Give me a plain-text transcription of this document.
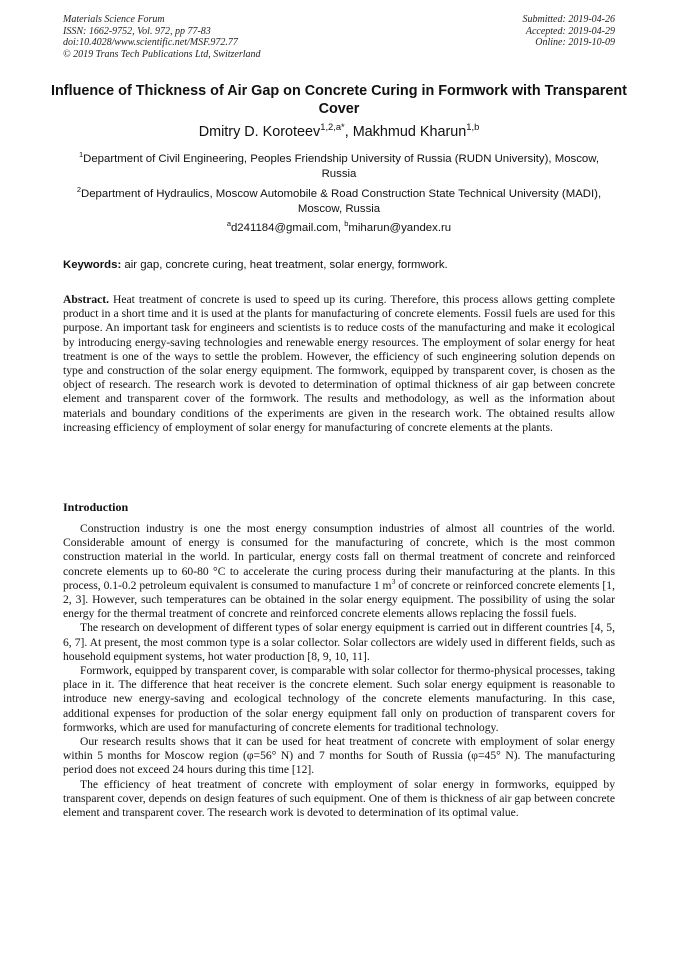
Materials Science Forum
ISSN: 1662-9752, Vol. 972, pp 77-83
doi:10.4028/www.scientific.net/MSF.972.77
© 2019 Trans Tech Publications Ltd, Switzerland
Submitted: 2019-04-26
Accepted: 2019-04-29
Online: 2019-10-09
Influence of Thickness of Air Gap on Concrete Curing in Formwork with Transparent Cover
Dmitry D. Koroteev$^{1,2,a*}$, Makhmud Kharun$^{1,b}$
$^1$Department of Civil Engineering, Peoples Friendship University of Russia (RUDN University), Moscow, Russia
$^2$Department of Hydraulics, Moscow Automobile & Road Construction State Technical University (MADI), Moscow, Russia
$^a$d241184@gmail.com, $^b$miharun@yandex.ru
Keywords: air gap, concrete curing, heat treatment, solar energy, formwork.
Abstract. Heat treatment of concrete is used to speed up its curing. Therefore, this process allows getting complete product in a short time and it is used at the plants for manufacturing of concrete elements. Fossil fuels are used for this purpose. An important task for engineers and scientists is to reduce costs of the manufacturing and make it ecological by introducing energy-saving technologies and renewable energy resources. The employment of solar energy for heat treatment is one of the ways to settle the problem. However, the efficiency of such engineering solution depends on type and construction of the solar energy equipment. The formwork, equipped by transparent cover, is chosen as the object of research. The research work is devoted to determination of optimal thickness of air gap between concrete element and transparent cover of the formwork. The results and methodology, as well as the information about materials and boundary conditions of the experiments are given in the research work. The obtained results allow increasing efficiency of employment of solar energy for manufacturing of concrete elements at the plants.
Introduction

Construction industry is one the most energy consumption industries of almost all countries of the world. Considerable amount of energy is consumed for the manufacturing of concrete, which is the most common construction material in the world. In particular, energy costs fall on thermal treatment of concrete and reinforced concrete elements up to 60-80 °C to accelerate the curing process during their manufacturing at the plants. In this process, 0.1-0.2 petroleum equivalent is consumed to manufacture 1 $m^3$ of concrete or reinforced concrete elements [1, 2, 3]. However, such temperatures can be obtained in the solar energy equipment. The possibility of using the solar energy for the thermal treatment of concrete and reinforced concrete elements allows replacing the fossil fuels.

The research on development of different types of solar energy equipment is carried out in different countries [4, 5, 6, 7]. At present, the most common type is a solar collector. Solar collectors are widely used in different fields, such as household equipment systems, hot water production [8, 9, 10, 11].

Formwork, equipped by transparent cover, is comparable with solar collector for thermo-physical processes, taking place in it. The difference that heat receiver is the concrete element. Such solar energy equipment is reasonable to introduce new energy-saving and ecological technology of the concrete elements manufacturing. In this case, additional expenses for production of the solar energy equipment fall only on production of transparent covers for formworks, which are used for manufacturing of concrete elements for traditional technology.

Our research results shows that it can be used for heat treatment of concrete with employment of solar energy within 5 months for Moscow region (φ=56° N) and 7 months for South of Russia (φ=45° N). The manufacturing period does not exceed 24 hours during this time [12].

The efficiency of heat treatment of concrete with employment of solar energy in formworks, equipped by transparent cover, depends on design features of such equipment. One of them is thickness of air gap between concrete element and transparent cover. The research work is devoted to determination of its optimal value.
